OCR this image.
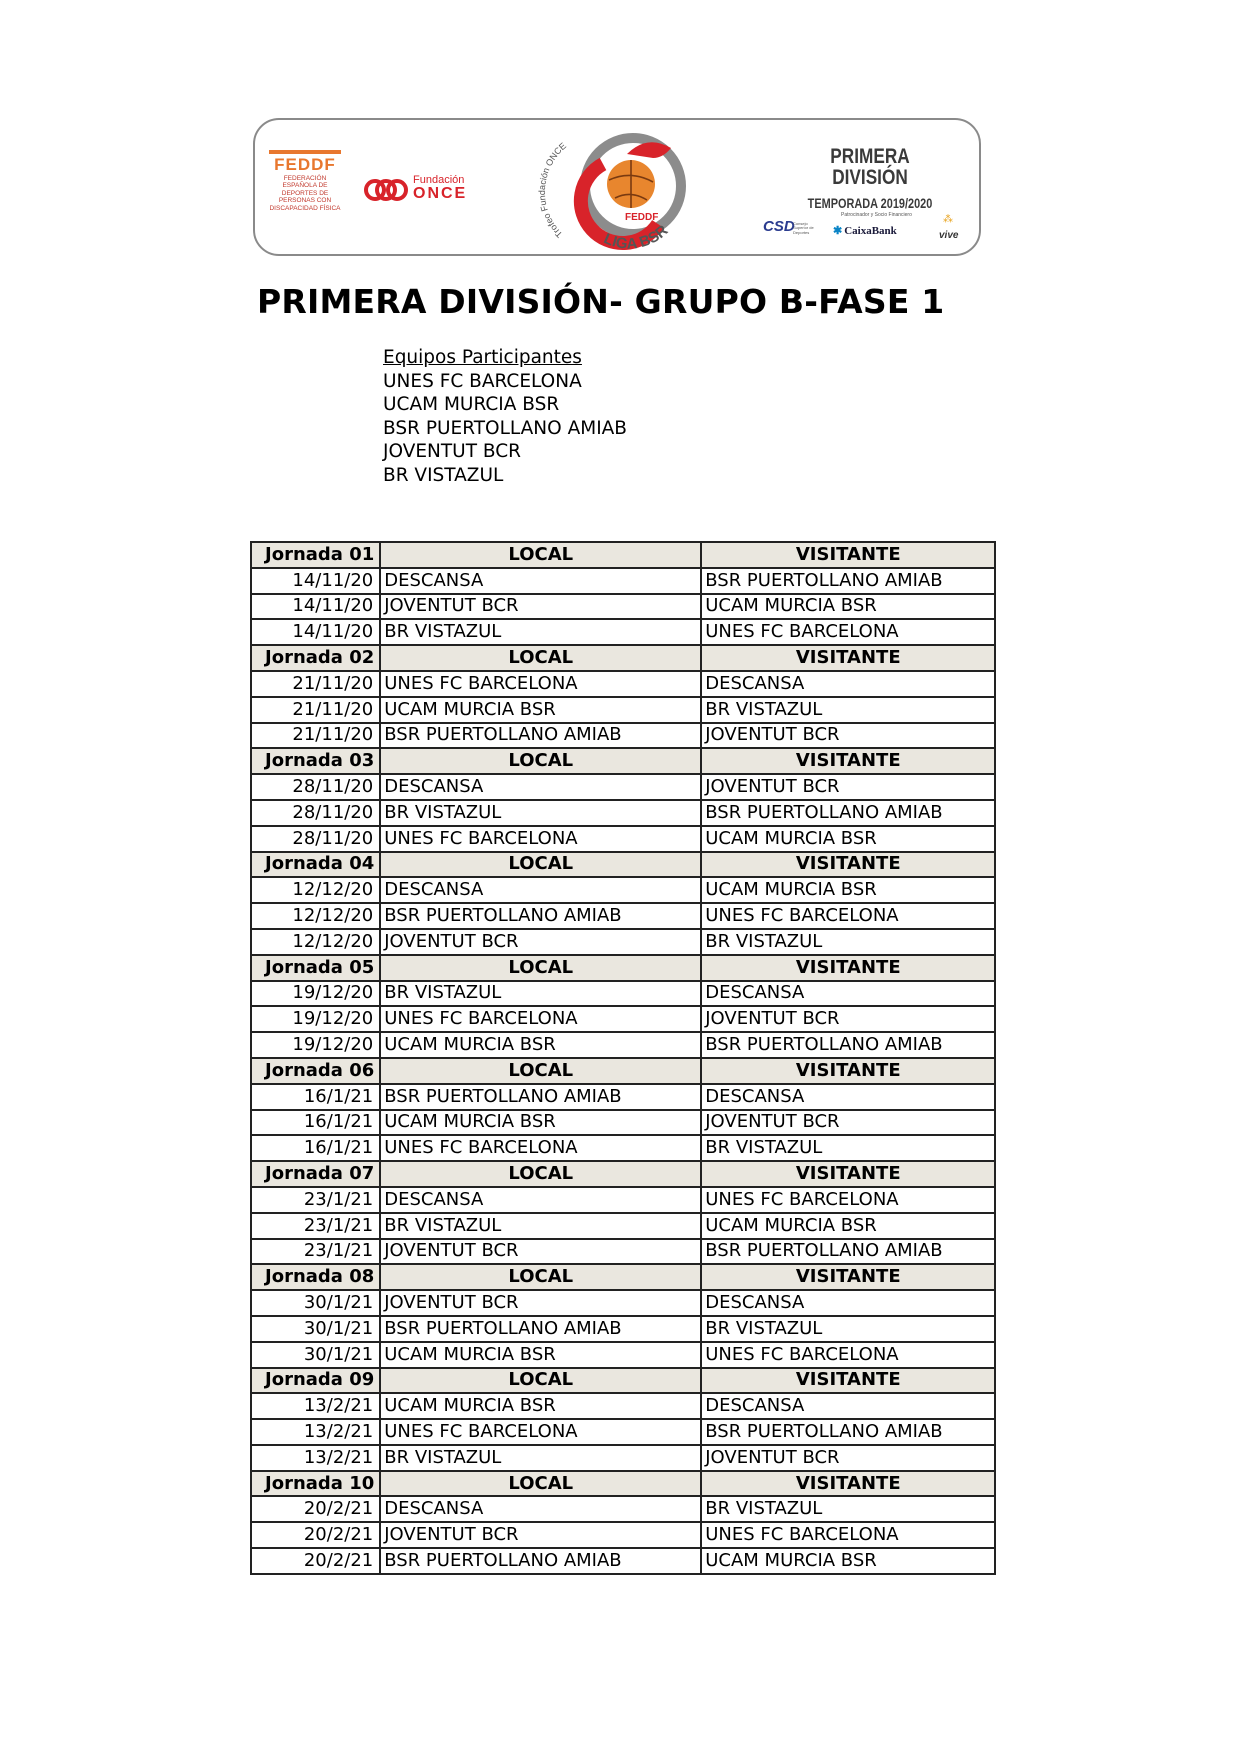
FEDDF
FEDERACIÓN ESPAÑOLA DE DEPORTES DE PERSONAS CON DISCAPACIDAD FÍSICA
Fundación
ONCE
Trofeo Fundación ONCE
FEDDF
LIGA BSR
PRIMERA DIVISIÓN
TEMPORADA 2019/2020
Patrocinador y Socio Financiero
CSD
Consejo Superior de Deportes	✱ CaixaBank
⁂
vive
PRIMERA DIVISIÓN- GRUPO B-FASE 1
Equipos Participantes
UNES FC BARCELONA
UCAM MURCIA BSR
BSR PUERTOLLANO AMIAB
JOVENTUT BCR
BR VISTAZUL
Jornada 01	LOCAL	VISITANTE
14/11/20	DESCANSA	BSR PUERTOLLANO AMIAB
14/11/20	JOVENTUT BCR	UCAM MURCIA BSR
14/11/20	BR VISTAZUL	UNES FC BARCELONA
Jornada 02	LOCAL	VISITANTE
21/11/20	UNES FC BARCELONA	DESCANSA
21/11/20	UCAM MURCIA BSR	BR VISTAZUL
21/11/20	BSR PUERTOLLANO AMIAB	JOVENTUT BCR
Jornada 03	LOCAL	VISITANTE
28/11/20	DESCANSA	JOVENTUT BCR
28/11/20	BR VISTAZUL	BSR PUERTOLLANO AMIAB
28/11/20	UNES FC BARCELONA	UCAM MURCIA BSR
Jornada 04	LOCAL	VISITANTE
12/12/20	DESCANSA	UCAM MURCIA BSR
12/12/20	BSR PUERTOLLANO AMIAB	UNES FC BARCELONA
12/12/20	JOVENTUT BCR	BR VISTAZUL
Jornada 05	LOCAL	VISITANTE
19/12/20	BR VISTAZUL	DESCANSA
19/12/20	UNES FC BARCELONA	JOVENTUT BCR
19/12/20	UCAM MURCIA BSR	BSR PUERTOLLANO AMIAB
Jornada 06	LOCAL	VISITANTE
16/1/21	BSR PUERTOLLANO AMIAB	DESCANSA
16/1/21	UCAM MURCIA BSR	JOVENTUT BCR
16/1/21	UNES FC BARCELONA	BR VISTAZUL
Jornada 07	LOCAL	VISITANTE
23/1/21	DESCANSA	UNES FC BARCELONA
23/1/21	BR VISTAZUL	UCAM MURCIA BSR
23/1/21	JOVENTUT BCR	BSR PUERTOLLANO AMIAB
Jornada 08	LOCAL	VISITANTE
30/1/21	JOVENTUT BCR	DESCANSA
30/1/21	BSR PUERTOLLANO AMIAB	BR VISTAZUL
30/1/21	UCAM MURCIA BSR	UNES FC BARCELONA
Jornada 09	LOCAL	VISITANTE
13/2/21	UCAM MURCIA BSR	DESCANSA
13/2/21	UNES FC BARCELONA	BSR PUERTOLLANO AMIAB
13/2/21	BR VISTAZUL	JOVENTUT BCR
Jornada 10	LOCAL	VISITANTE
20/2/21	DESCANSA	BR VISTAZUL
20/2/21	JOVENTUT BCR	UNES FC BARCELONA
20/2/21	BSR PUERTOLLANO AMIAB	UCAM MURCIA BSR
